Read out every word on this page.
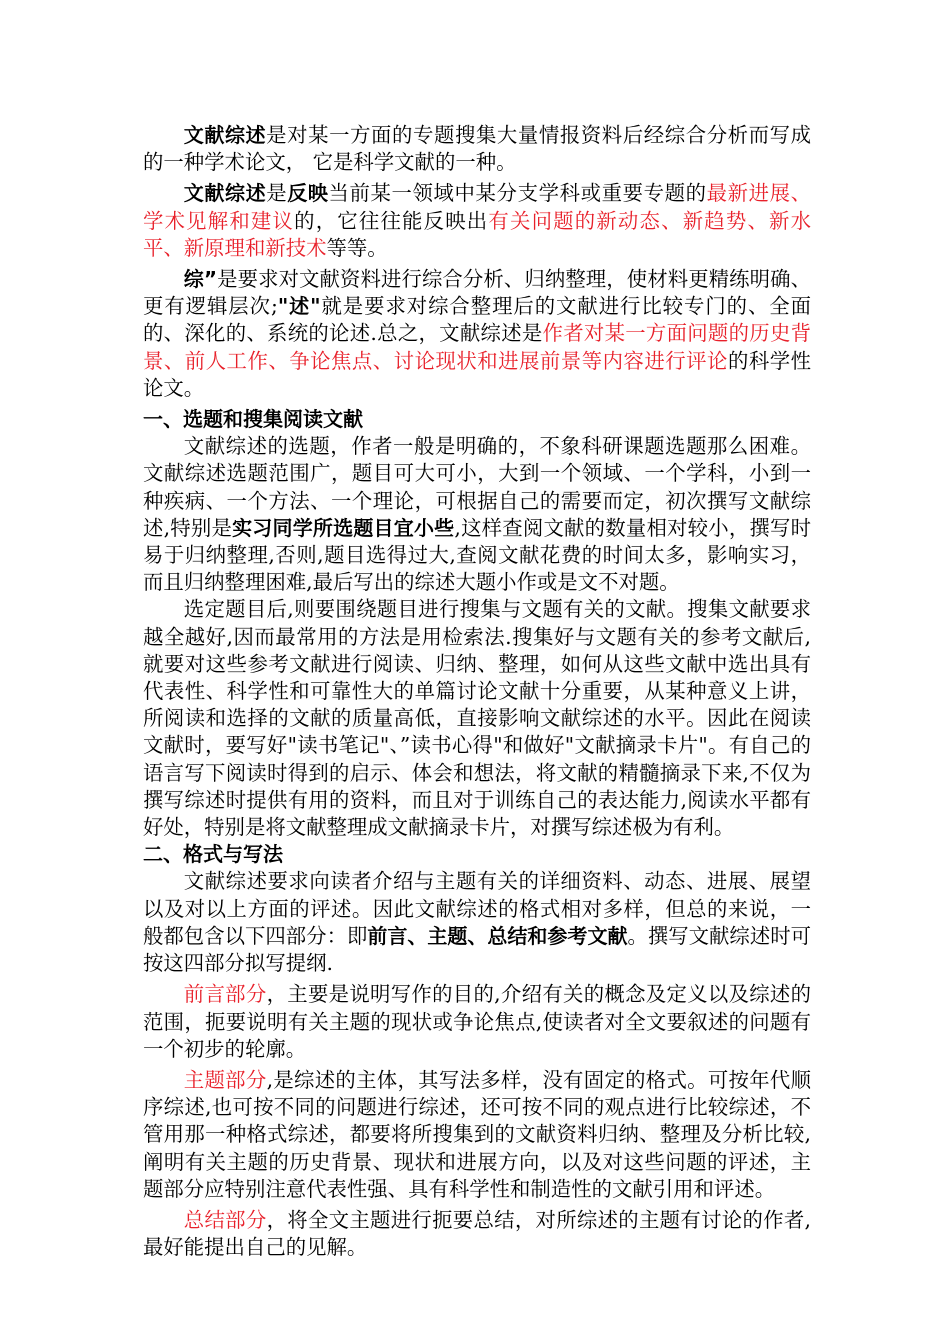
文献综述是对某一方面的专题搜集大量情报资料后经综合分析而写成的一种学术论文， 它是科学文献的一种。

文献综述是反映当前某一领域中某分支学科或重要专题的最新进展、学术见解和建议的，它往往能反映出有关问题的新动态、新趋势、新水平、新原理和新技术等等。

综”是要求对文献资料进行综合分析、归纳整理，使材料更精练明确、更有逻辑层次;"述"就是要求对综合整理后的文献进行比较专门的、全面的、深化的、系统的论述.总之，文献综述是作者对某一方面问题的历史背景、前人工作、争论焦点、讨论现状和进展前景等内容进行评论的科学性论文。

一、选题和搜集阅读文献

文献综述的选题，作者一般是明确的，不象科研课题选题那么困难。文献综述选题范围广，题目可大可小，大到一个领域、一个学科，小到一种疾病、一个方法、一个理论，可根据自己的需要而定，初次撰写文献综述,特别是实习同学所选题目宜小些,这样查阅文献的数量相对较小，撰写时易于归纳整理,否则,题目选得过大,查阅文献花费的时间太多，影响实习，而且归纳整理困难,最后写出的综述大题小作或是文不对题。

选定题目后,则要围绕题目进行搜集与文题有关的文献。搜集文献要求越全越好,因而最常用的方法是用检索法.搜集好与文题有关的参考文献后,就要对这些参考文献进行阅读、归纳、整理，如何从这些文献中选出具有代表性、科学性和可靠性大的单篇讨论文献十分重要，从某种意义上讲，所阅读和选择的文献的质量高低，直接影响文献综述的水平。因此在阅读文献时，要写好"读书笔记"、”读书心得"和做好"文献摘录卡片"。有自己的语言写下阅读时得到的启示、体会和想法，将文献的精髓摘录下来,不仅为撰写综述时提供有用的资料，而且对于训练自己的表达能力,阅读水平都有好处，特别是将文献整理成文献摘录卡片，对撰写综述极为有利。

二、格式与写法

文献综述要求向读者介绍与主题有关的详细资料、动态、进展、展望以及对以上方面的评述。因此文献综述的格式相对多样，但总的来说，一般都包含以下四部分：即前言、主题、总结和参考文献。撰写文献综述时可按这四部分拟写提纲.

前言部分，主要是说明写作的目的,介绍有关的概念及定义以及综述的范围，扼要说明有关主题的现状或争论焦点,使读者对全文要叙述的问题有一个初步的轮廓。

主题部分,是综述的主体，其写法多样，没有固定的格式。可按年代顺序综述,也可按不同的问题进行综述，还可按不同的观点进行比较综述，不管用那一种格式综述，都要将所搜集到的文献资料归纳、整理及分析比较,阐明有关主题的历史背景、现状和进展方向，以及对这些问题的评述，主题部分应特别注意代表性强、具有科学性和制造性的文献引用和评述。

总结部分，将全文主题进行扼要总结，对所综述的主题有讨论的作者,最好能提出自己的见解。
